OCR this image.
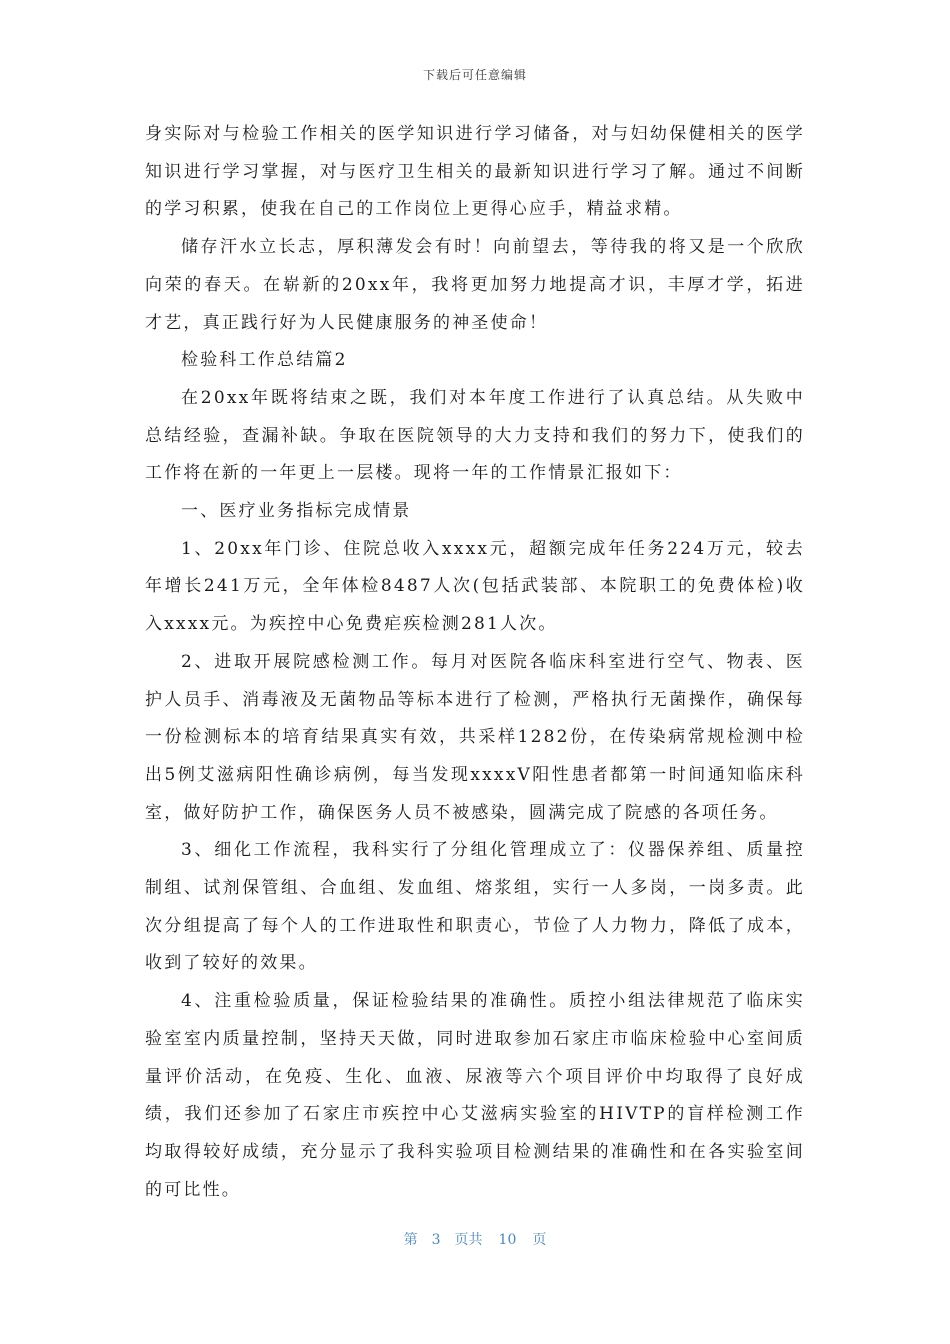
下载后可任意编辑

身实际对与检验工作相关的医学知识进行学习储备，对与妇幼保健相关的医学知识进行学习掌握，对与医疗卫生相关的最新知识进行学习了解。通过不间断的学习积累，使我在自己的工作岗位上更得心应手，精益求精。

储存汗水立长志，厚积薄发会有时！向前望去，等待我的将又是一个欣欣向荣的春天。在崭新的20xx年，我将更加努力地提高才识，丰厚才学，拓进才艺，真正践行好为人民健康服务的神圣使命！

检验科工作总结篇2

在20xx年既将结束之既，我们对本年度工作进行了认真总结。从失败中总结经验，查漏补缺。争取在医院领导的大力支持和我们的努力下，使我们的工作将在新的一年更上一层楼。现将一年的工作情景汇报如下：

一、医疗业务指标完成情景

1、20xx年门诊、住院总收入xxxx元，超额完成年任务224万元，较去年增长241万元，全年体检8487人次(包括武装部、本院职工的免费体检)收入xxxx元。为疾控中心免费疟疾检测281人次。

2、进取开展院感检测工作。每月对医院各临床科室进行空气、物表、医护人员手、消毒液及无菌物品等标本进行了检测，严格执行无菌操作，确保每一份检测标本的培育结果真实有效，共采样1282份，在传染病常规检测中检出5例艾滋病阳性确诊病例，每当发现xxxxV阳性患者都第一时间通知临床科室，做好防护工作，确保医务人员不被感染，圆满完成了院感的各项任务。

3、细化工作流程，我科实行了分组化管理成立了：仪器保养组、质量控制组、试剂保管组、合血组、发血组、熔浆组，实行一人多岗，一岗多责。此次分组提高了每个人的工作进取性和职责心，节俭了人力物力，降低了成本，收到了较好的效果。

4、注重检验质量，保证检验结果的准确性。质控小组法律规范了临床实验室室内质量控制，坚持天天做，同时进取参加石家庄市临床检验中心室间质量评价活动，在免疫、生化、血液、尿液等六个项目评价中均取得了良好成绩，我们还参加了石家庄市疾控中心艾滋病实验室的HIVTP的盲样检测工作均取得较好成绩，充分显示了我科实验项目检测结果的准确性和在各实验室间的可比性。

第 3 页共 10 页
